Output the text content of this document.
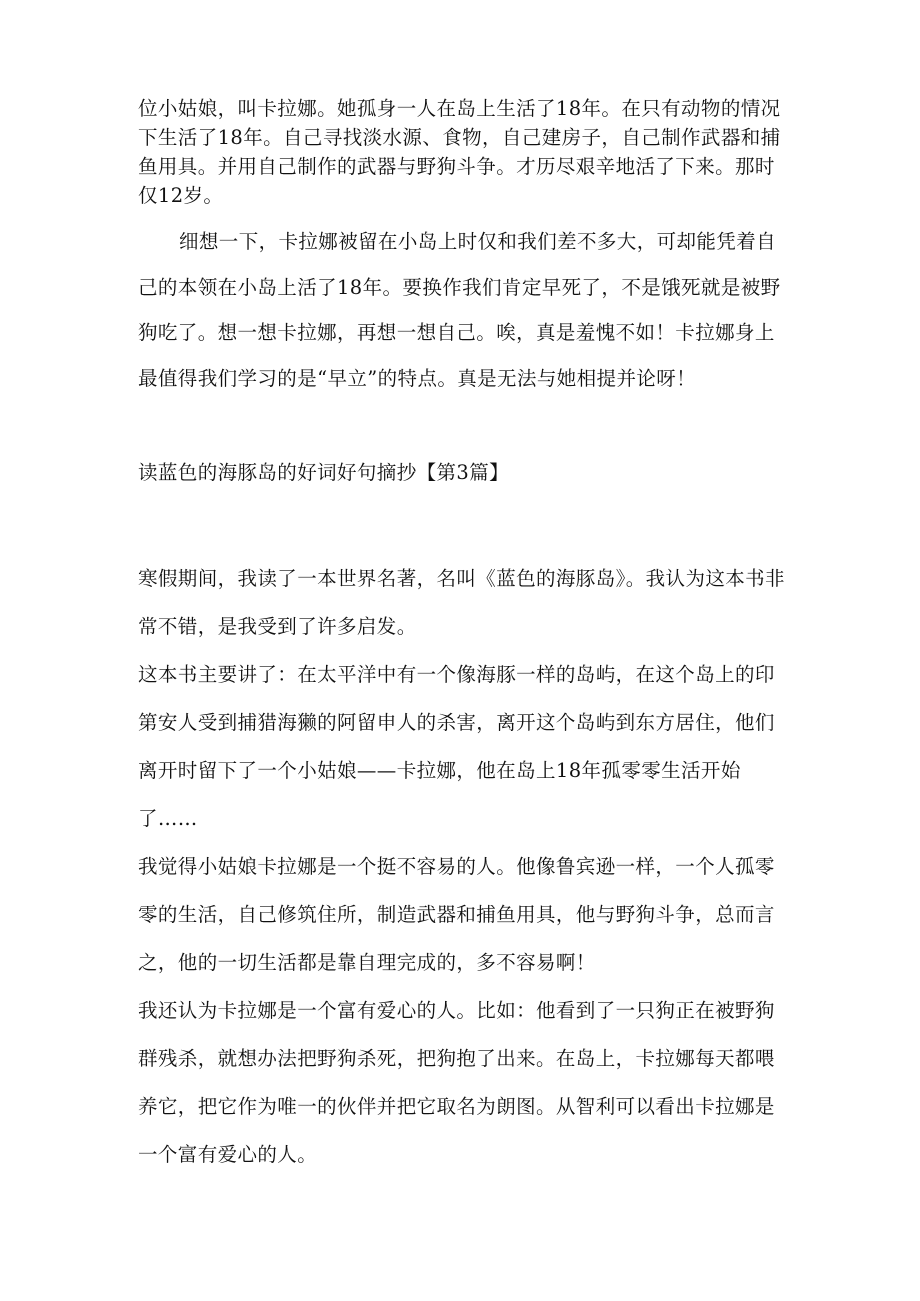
位小姑娘，叫卡拉娜。她孤身一人在岛上生活了18年。在只有动物的情况下生活了18年。自己寻找淡水源、食物，自己建房子，自己制作武器和捕鱼用具。并用自己制作的武器与野狗斗争。才历尽艰辛地活了下来。那时仅12岁。

细想一下，卡拉娜被留在小岛上时仅和我们差不多大，可却能凭着自己的本领在小岛上活了18年。要换作我们肯定早死了，不是饿死就是被野狗吃了。想一想卡拉娜，再想一想自己。唉，真是羞愧不如！卡拉娜身上最值得我们学习的是“早立”的特点。真是无法与她相提并论呀！

读蓝色的海豚岛的好词好句摘抄【第3篇】

寒假期间，我读了一本世界名著，名叫《蓝色的海豚岛》。我认为这本书非常不错，是我受到了许多启发。

这本书主要讲了：在太平洋中有一个像海豚一样的岛屿，在这个岛上的印第安人受到捕猎海獭的阿留申人的杀害，离开这个岛屿到东方居住，他们离开时留下了一个小姑娘——卡拉娜，他在岛上18年孤零零生活开始了……

我觉得小姑娘卡拉娜是一个挺不容易的人。他像鲁宾逊一样，一个人孤零零的生活，自己修筑住所，制造武器和捕鱼用具，他与野狗斗争，总而言之，他的一切生活都是靠自理完成的，多不容易啊！

我还认为卡拉娜是一个富有爱心的人。比如：他看到了一只狗正在被野狗群残杀，就想办法把野狗杀死，把狗抱了出来。在岛上，卡拉娜每天都喂养它，把它作为唯一的伙伴并把它取名为朗图。从智利可以看出卡拉娜是一个富有爱心的人。
